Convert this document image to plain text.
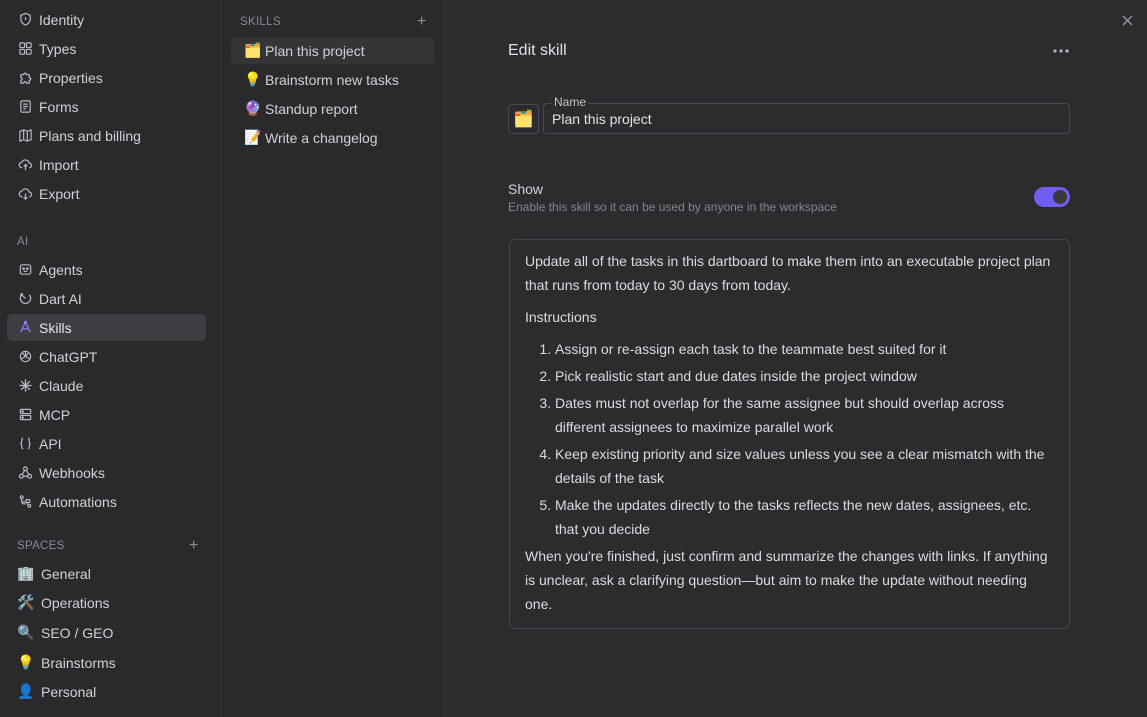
Identity
Types
Properties
Forms
Plans and billing
Import
Export
AI
Agents
Dart AI
Skills
ChatGPT
Claude
MCP
API
Webhooks
Automations
SPACES	+
🏢 General
🛠️ Operations
🔍 SEO / GEO
💡 Brainstorms
👤 Personal
SKILLS	+
🗂️ Plan this project
💡 Brainstorm new tasks
🔮 Standup report
📝 Write a changelog
Edit skill
🗂️
Name
Plan this project
Show
Enable this skill so it can be used by anyone in the workspace

Update all of the tasks in this dartboard to make them into an executable project plan that runs from today to 30 days from today.

Instructions

1. Assign or re-assign each task to the teammate best suited for it
2. Pick realistic start and due dates inside the project window
3. Dates must not overlap for the same assignee but should overlap across different assignees to maximize parallel work
4. Keep existing priority and size values unless you see a clear mismatch with the details of the task
5. Make the updates directly to the tasks reflects the new dates, assignees, etc. that you decide

When you're finished, just confirm and summarize the changes with links. If anything is unclear, ask a clarifying question—but aim to make the update without needing one.
